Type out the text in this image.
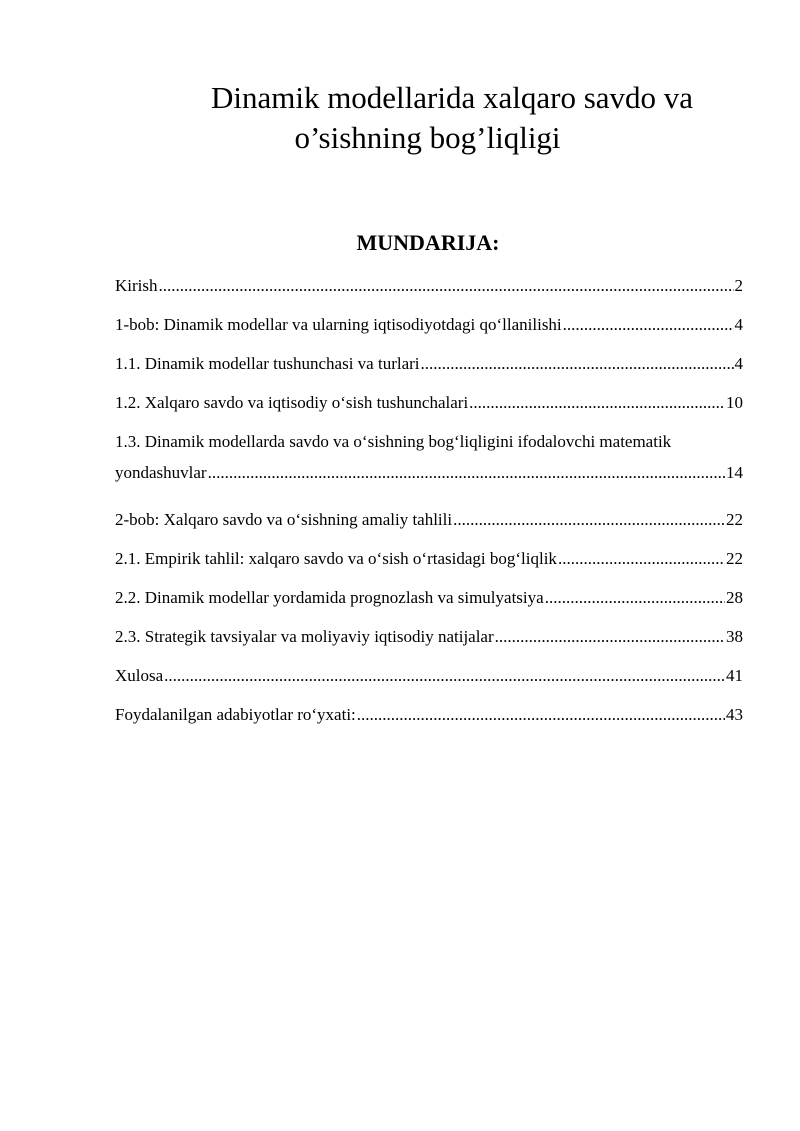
Dinamik modellarida xalqaro savdo va
o’sishning bog’liqligi
MUNDARIJA:
Kirish .....	2
1-bob: Dinamik modellar va ularning iqtisodiyotdagi qo‘llanilishi .....	4
1.1. Dinamik modellar tushunchasi va turlari .....	4
1.2. Xalqaro savdo va iqtisodiy o‘sish tushunchalari .....	10
1.3. Dinamik modellarda savdo va o‘sishning bog‘liqligini ifodalovchi matematik
yondashuvlar .....	14
2-bob: Xalqaro savdo va o‘sishning amaliy tahlili .....	22
2.1. Empirik tahlil: xalqaro savdo va o‘sish o‘rtasidagi bog‘liqlik .....	22
2.2. Dinamik modellar yordamida prognozlash va simulyatsiya .....	28
2.3. Strategik tavsiyalar va moliyaviy iqtisodiy natijalar .....	38
Xulosa .....	41
Foydalanilgan adabiyotlar ro‘yxati: .....	43
